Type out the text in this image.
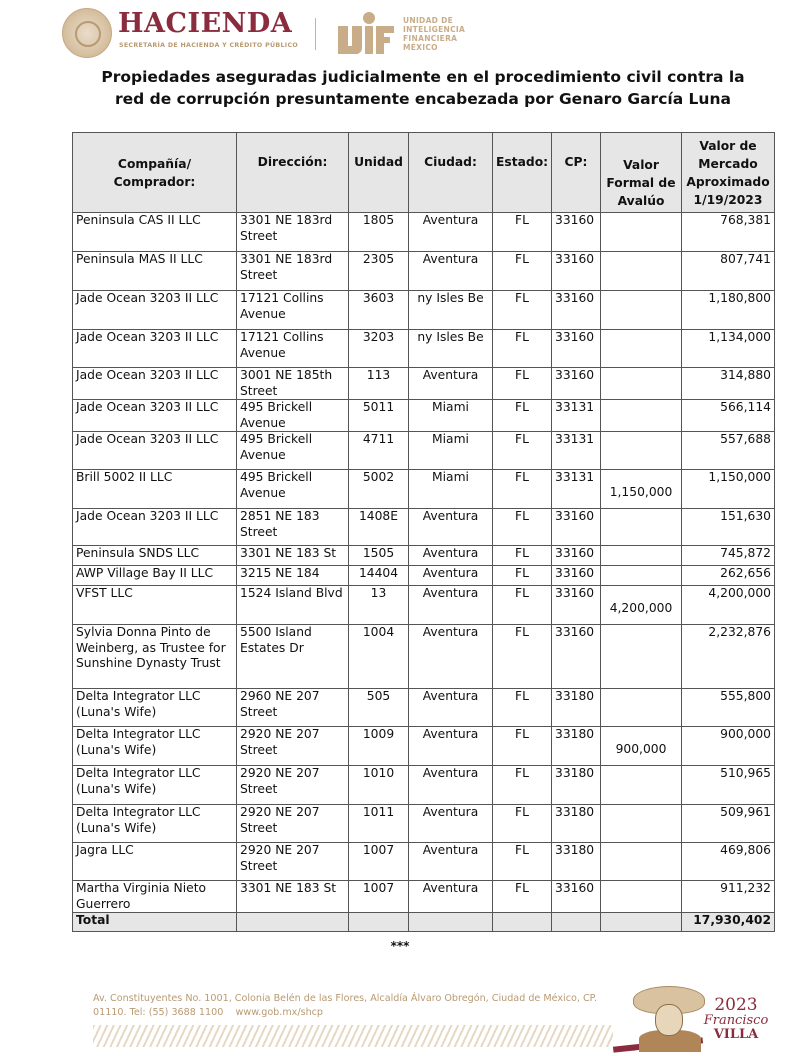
HACIENDA
SECRETARÍA DE HACIENDA Y CRÉDITO PÚBLICO
UNIDAD DE
INTELIGENCIA
FINANCIERA
MÉXICO
Propiedades aseguradas judicialmente en el procedimiento civil contra la
red de corrupción presuntamente encabezada por Genaro García Luna
Compañía/ Comprador:	Dirección:	Unidad	Ciudad:	Estado:	CP:	Valor Formal de Avalúo	Valor de Mercado Aproximado 1/19/2023
Peninsula CAS II LLC	3301 NE 183rd Street	1805	Aventura	FL	33160		768,381
Peninsula MAS II LLC	3301 NE 183rd Street	2305	Aventura	FL	33160		807,741
Jade Ocean 3203 II LLC	17121 Collins Avenue	3603	ny Isles Be	FL	33160		1,180,800
Jade Ocean 3203 II LLC	17121 Collins Avenue	3203	ny Isles Be	FL	33160		1,134,000
Jade Ocean 3203 II LLC	3001 NE 185th Street	113	Aventura	FL	33160		314,880
Jade Ocean 3203 II LLC	495 Brickell Avenue	5011	Miami	FL	33131		566,114
Jade Ocean 3203 II LLC	495 Brickell Avenue	4711	Miami	FL	33131		557,688
Brill 5002 II LLC	495 Brickell Avenue	5002	Miami	FL	33131	1,150,000	1,150,000
Jade Ocean 3203 II LLC	2851 NE 183 Street	1408E	Aventura	FL	33160		151,630
Peninsula SNDS LLC	3301 NE 183 St	1505	Aventura	FL	33160		745,872
AWP Village Bay II LLC	3215 NE 184	14404	Aventura	FL	33160		262,656
VFST LLC	1524 Island Blvd	13	Aventura	FL	33160	4,200,000	4,200,000
Sylvia Donna Pinto de Weinberg, as Trustee for Sunshine Dynasty Trust	5500 Island Estates Dr	1004	Aventura	FL	33160		2,232,876
Delta Integrator LLC (Luna's Wife)	2960 NE 207 Street	505	Aventura	FL	33180		555,800
Delta Integrator LLC (Luna's Wife)	2920 NE 207 Street	1009	Aventura	FL	33180	900,000	900,000
Delta Integrator LLC (Luna's Wife)	2920 NE 207 Street	1010	Aventura	FL	33180		510,965
Delta Integrator LLC (Luna's Wife)	2920 NE 207 Street	1011	Aventura	FL	33180		509,961
Jagra LLC	2920 NE 207 Street	1007	Aventura	FL	33180		469,806
Martha Virginia Nieto Guerrero	3301 NE 183 St	1007	Aventura	FL	33160		911,232
Total							17,930,402
***
Av. Constituyentes No. 1001, Colonia Belén de las Flores, Alcaldía Álvaro Obregón, Ciudad de México, CP.
01110. Tel: (55) 3688 1100    www.gob.mx/shcp	2023
Francisco
VILLA
